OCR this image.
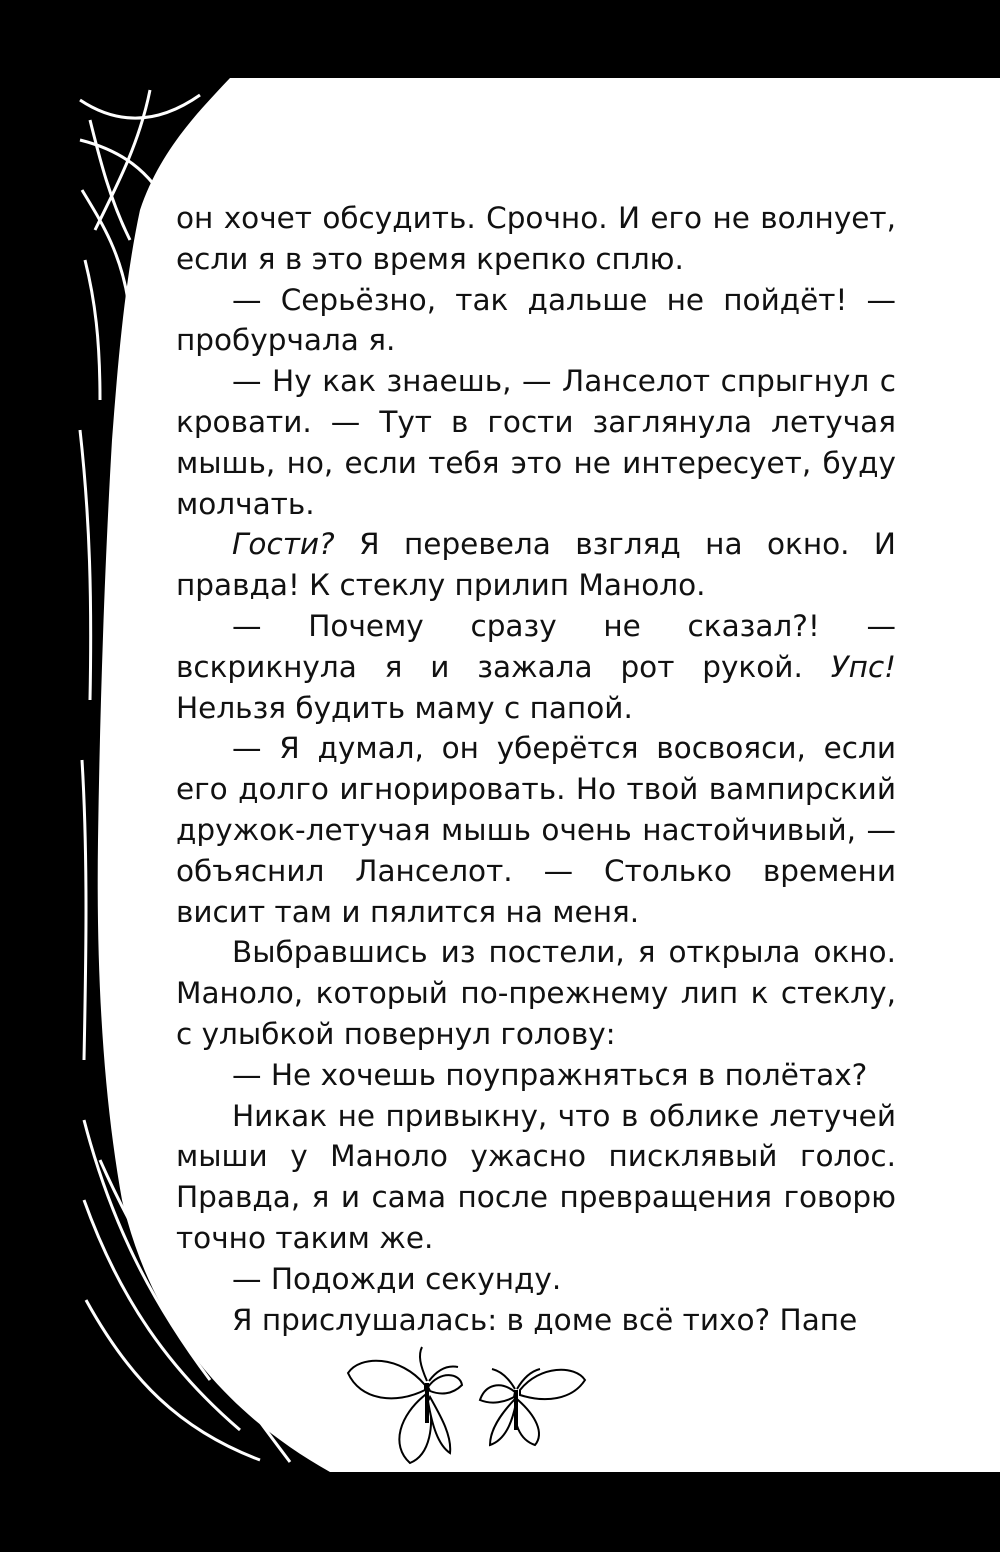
он хочет обсудить. Срочно. И его не волнует, если я в это время крепко сплю.

— Серьёзно, так дальше не пойдёт! — пробурчала я.

— Ну как знаешь, — Ланселот спрыгнул с кровати. — Тут в гости заглянула летучая мышь, но, если тебя это не интересует, буду молчать.

Гости? Я перевела взгляд на окно. И правда! К стеклу прилип Маноло.

— Почему сразу не сказал?! — вскрикнула я и зажала рот рукой. Упс! Нельзя будить маму с папой.

— Я думал, он уберётся восвояси, если его долго игнорировать. Но твой вампирский дружок-летучая мышь очень настойчивый, — объяснил Ланселот. — Столько времени висит там и пялится на меня.

Выбравшись из постели, я открыла окно. Маноло, который по-прежнему лип к стеклу, с улыбкой повернул голову:

— Не хочешь поупражняться в полётах?

Никак не привыкну, что в облике летучей мыши у Маноло ужасно писклявый голос. Правда, я и сама после превращения говорю точно таким же.

— Подожди секунду.

Я прислушалась: в доме всё тихо? Папе
